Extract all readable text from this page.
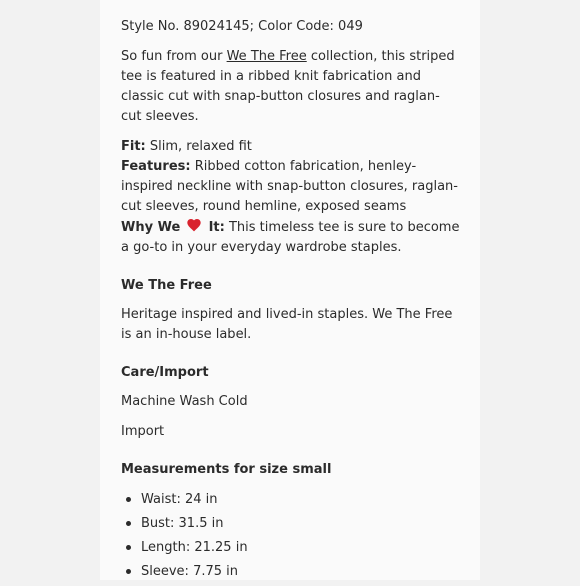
Style No. 89024145; Color Code: 049

So fun from our We The Free collection, this striped tee is featured in a ribbed knit fabrication and classic cut with snap-button closures and raglan-cut sleeves.

Fit: Slim, relaxed fit
Features: Ribbed cotton fabrication, henley-inspired neckline with snap-button closures, raglan-cut sleeves, round hemline, exposed seams
Why We It: This timeless tee is sure to become a go-to in your everyday wardrobe staples.
We The Free

Heritage inspired and lived-in staples. We The Free is an in-house label.

Care/Import

Machine Wash Cold

Import

Measurements for size small
Waist: 24 in
Bust: 31.5 in
Length: 21.25 in
Sleeve: 7.75 in
